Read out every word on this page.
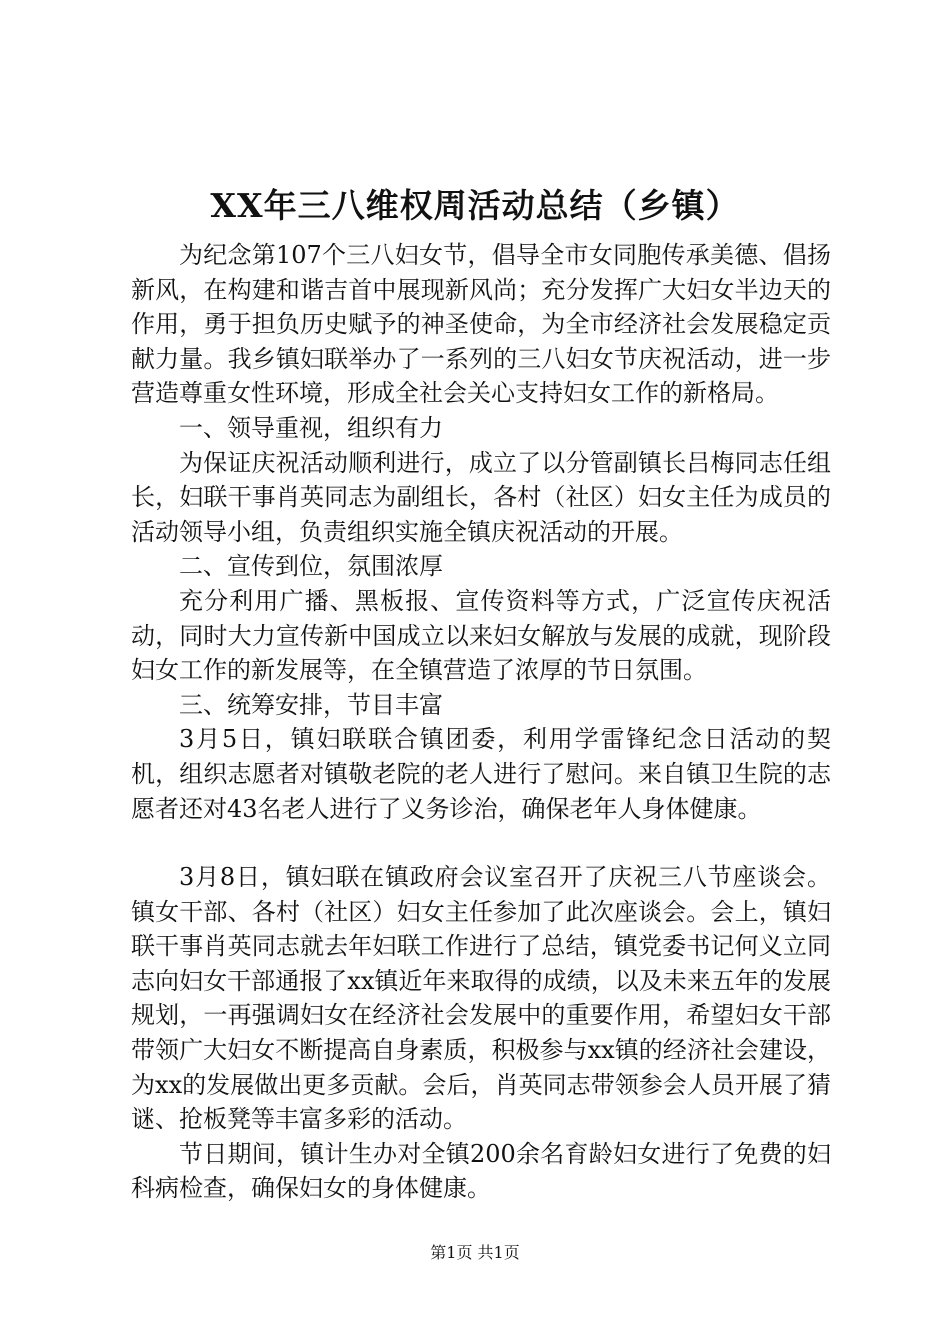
XX年三八维权周活动总结（乡镇）

为纪念第107个三八妇女节，倡导全市女同胞传承美德、倡扬新风，在构建和谐吉首中展现新风尚；充分发挥广大妇女半边天的作用，勇于担负历史赋予的神圣使命，为全市经济社会发展稳定贡献力量。我乡镇妇联举办了一系列的三八妇女节庆祝活动，进一步营造尊重女性环境，形成全社会关心支持妇女工作的新格局。

一、领导重视，组织有力

为保证庆祝活动顺利进行，成立了以分管副镇长吕梅同志任组长，妇联干事肖英同志为副组长，各村（社区）妇女主任为成员的活动领导小组，负责组织实施全镇庆祝活动的开展。

二、宣传到位，氛围浓厚

充分利用广播、黑板报、宣传资料等方式，广泛宣传庆祝活动，同时大力宣传新中国成立以来妇女解放与发展的成就，现阶段妇女工作的新发展等，在全镇营造了浓厚的节日氛围。

三、统筹安排，节目丰富

3月5日，镇妇联联合镇团委，利用学雷锋纪念日活动的契机，组织志愿者对镇敬老院的老人进行了慰问。来自镇卫生院的志愿者还对43名老人进行了义务诊治，确保老年人身体健康。

3月8日，镇妇联在镇政府会议室召开了庆祝三八节座谈会。镇女干部、各村（社区）妇女主任参加了此次座谈会。会上，镇妇联干事肖英同志就去年妇联工作进行了总结，镇党委书记何义立同志向妇女干部通报了xx镇近年来取得的成绩，以及未来五年的发展规划，一再强调妇女在经济社会发展中的重要作用，希望妇女干部带领广大妇女不断提高自身素质，积极参与xx镇的经济社会建设，为xx的发展做出更多贡献。会后，肖英同志带领参会人员开展了猜谜、抢板凳等丰富多彩的活动。

节日期间，镇计生办对全镇200余名育龄妇女进行了免费的妇科病检查，确保妇女的身体健康。

第1页 共1页
